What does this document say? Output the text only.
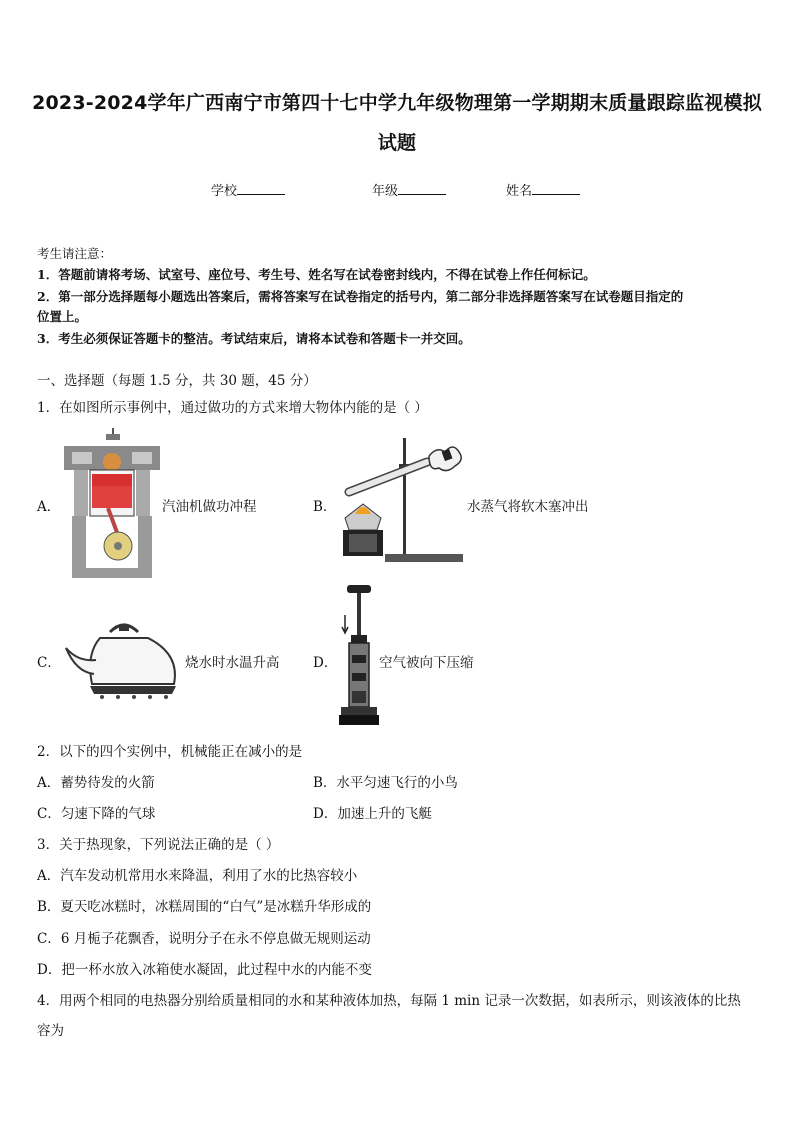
2023-2024学年广西南宁市第四十七中学九年级物理第一学期期末质量跟踪监视模拟
试题
学校	年级	姓名
考生请注意：
1．答题前请将考场、试室号、座位号、考生号、姓名写在试卷密封线内，不得在试卷上作任何标记。
2．第一部分选择题每小题选出答案后，需将答案写在试卷指定的括号内，第二部分非选择题答案写在试卷题目指定的
位置上。
3．考生必须保证答题卡的整洁。考试结束后，请将本试卷和答题卡一并交回。
一、选择题（每题 1.5 分，共 30 题，45 分）
1．在如图所示事例中，通过做功的方式来增大物体内能的是（ ）
A．	汽油机做功冲程	B．	水蒸气将软木塞冲出
C．	烧水时水温升高 D．	空气被向下压缩
2．以下的四个实例中，机械能正在减小的是
A．蓄势待发的火箭	B．水平匀速飞行的小鸟
C．匀速下降的气球	D．加速上升的飞艇
3．关于热现象，下列说法正确的是（ ）
A．汽车发动机常用水来降温，利用了水的比热容较小
B．夏天吃冰糕时，冰糕周围的“白气”是冰糕升华形成的
C．6 月栀子花飘香，说明分子在永不停息做无规则运动
D．把一杯水放入冰箱使水凝固，此过程中水的内能不变
4．用两个相同的电热器分别给质量相同的水和某种液体加热，每隔 1 min 记录一次数据，如表所示，则该液体的比热
容为
